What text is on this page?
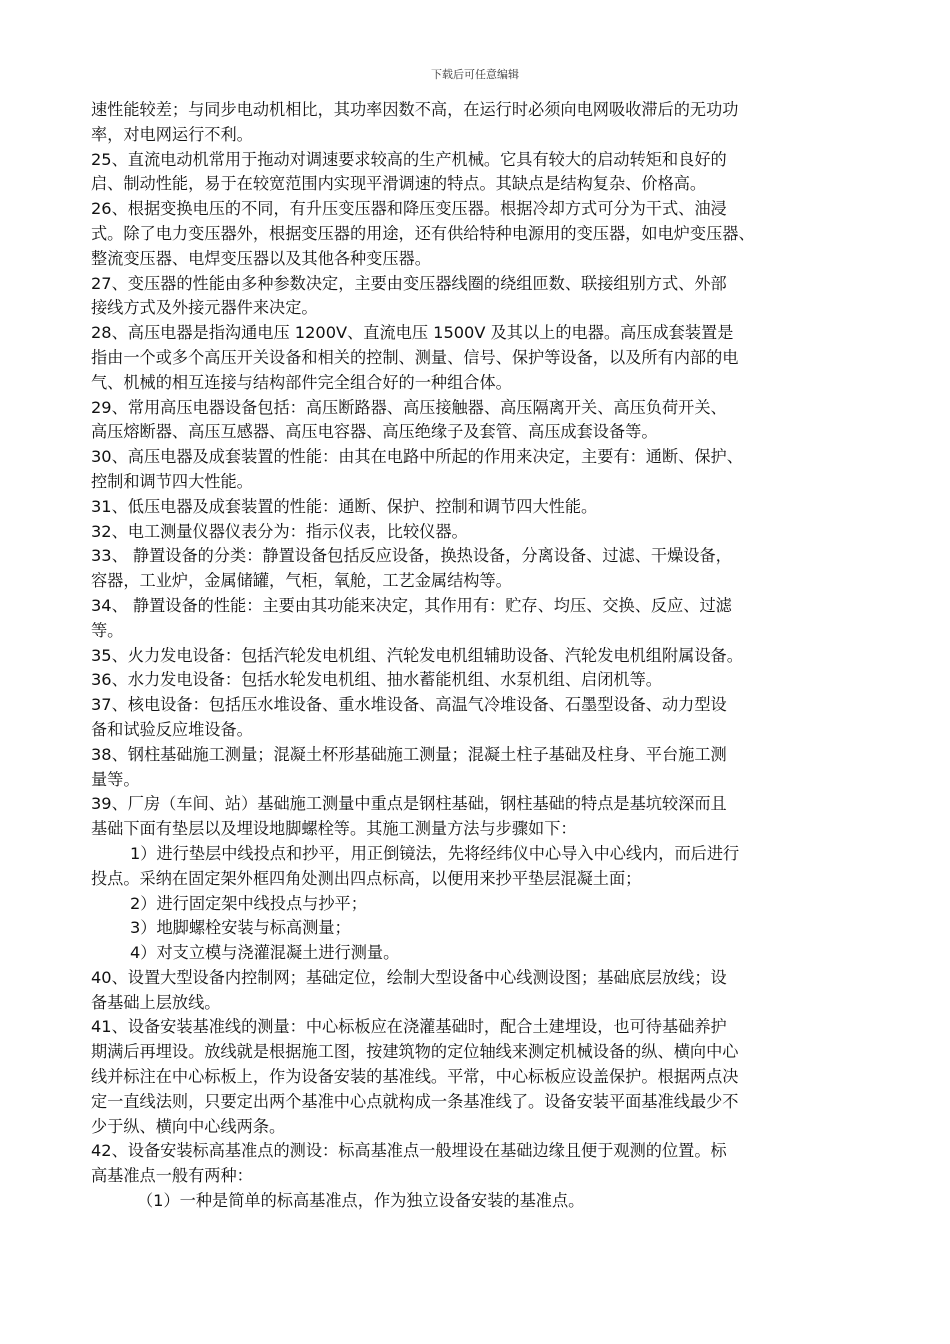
下载后可任意编辑
速性能较差；与同步电动机相比，其功率因数不高，在运行时必须向电网吸收滞后的无功功
率，对电网运行不利。
25、直流电动机常用于拖动对调速要求较高的生产机械。它具有较大的启动转矩和良好的
启、制动性能，易于在较宽范围内实现平滑调速的特点。其缺点是结构复杂、价格高。
26、根据变换电压的不同，有升压变压器和降压变压器。根据冷却方式可分为干式、油浸
式。除了电力变压器外，根据变压器的用途，还有供给特种电源用的变压器，如电炉变压器、
整流变压器、电焊变压器以及其他各种变压器。
27、变压器的性能由多种参数决定，主要由变压器线圈的绕组匝数、联接组别方式、外部
接线方式及外接元器件来决定。
28、高压电器是指沟通电压 1200V、直流电压 1500V 及其以上的电器。高压成套装置是
指由一个或多个高压开关设备和相关的控制、测量、信号、保护等设备，以及所有内部的电
气、机械的相互连接与结构部件完全组合好的一种组合体。
29、常用高压电器设备包括：高压断路器、高压接触器、高压隔离开关、高压负荷开关、
高压熔断器、高压互感器、高压电容器、高压绝缘子及套管、高压成套设备等。
30、高压电器及成套装置的性能：由其在电路中所起的作用来决定，主要有：通断、保护、
控制和调节四大性能。
31、低压电器及成套装置的性能：通断、保护、控制和调节四大性能。
32、电工测量仪器仪表分为：指示仪表，比较仪器。
33、 静置设备的分类：静置设备包括反应设备，换热设备，分离设备、过滤、干燥设备，
容器，工业炉，金属储罐，气柜，氧舱，工艺金属结构等。
34、 静置设备的性能：主要由其功能来决定，其作用有：贮存、均压、交换、反应、过滤
等。
35、火力发电设备：包括汽轮发电机组、汽轮发电机组辅助设备、汽轮发电机组附属设备。
36、水力发电设备：包括水轮发电机组、抽水蓄能机组、水泵机组、启闭机等。
37、核电设备：包括压水堆设备、重水堆设备、高温气冷堆设备、石墨型设备、动力型设
备和试验反应堆设备。
38、钢柱基础施工测量；混凝土杯形基础施工测量；混凝土柱子基础及柱身、平台施工测
量等。
39、厂房（车间、站）基础施工测量中重点是钢柱基础，钢柱基础的特点是基坑较深而且
基础下面有垫层以及埋设地脚螺栓等。其施工测量方法与步骤如下：
1）进行垫层中线投点和抄平，用正倒镜法，先将经纬仪中心导入中心线内，而后进行
投点。采纳在固定架外框四角处测出四点标高，以便用来抄平垫层混凝土面；
2）进行固定架中线投点与抄平；
3）地脚螺栓安装与标高测量；
4）对支立模与浇灌混凝土进行测量。
40、设置大型设备内控制网；基础定位，绘制大型设备中心线测设图；基础底层放线；设
备基础上层放线。
41、设备安装基准线的测量：中心标板应在浇灌基础时，配合土建埋设，也可待基础养护
期满后再埋设。放线就是根据施工图，按建筑物的定位轴线来测定机械设备的纵、横向中心
线并标注在中心标板上，作为设备安装的基准线。平常，中心标板应设盖保护。根据两点决
定一直线法则，只要定出两个基准中心点就构成一条基准线了。设备安装平面基准线最少不
少于纵、横向中心线两条。
42、设备安装标高基准点的测设：标高基准点一般埋设在基础边缘且便于观测的位置。标
高基准点一般有两种：
（1）一种是简单的标高基准点，作为独立设备安装的基准点。
